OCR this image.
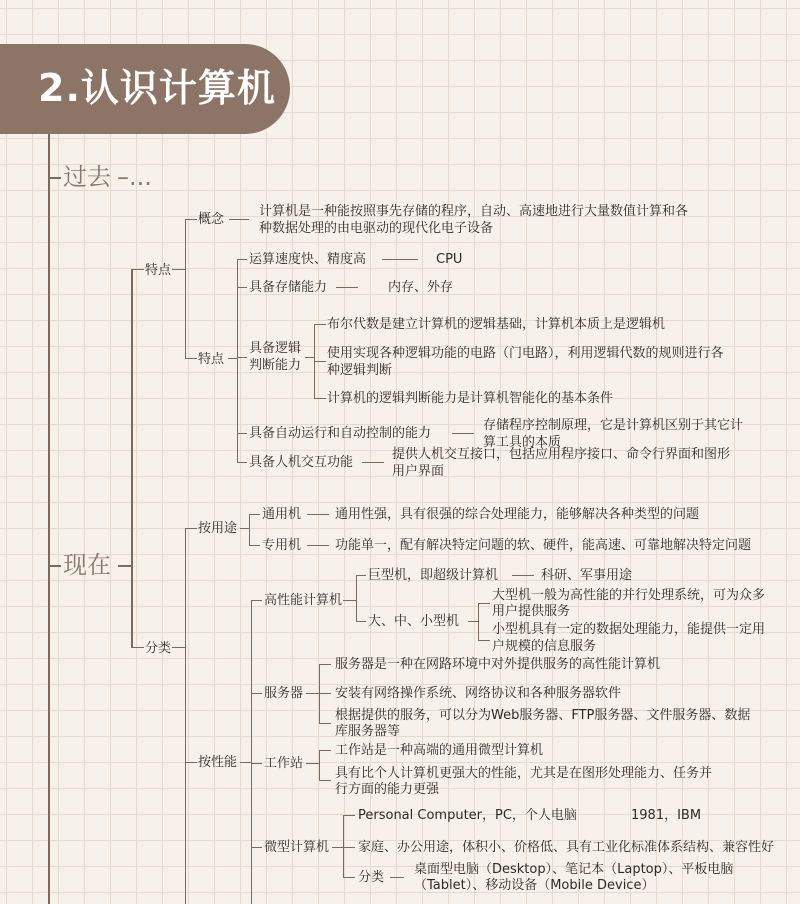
2.认识计算机
过去 –...
现在
特点
分类
概念
计算机是一种能按照事先存储的程序，自动、高速地进行大量数值计算和各
种数据处理的由电驱动的现代化电子设备
特点
运算速度快、精度高	CPU
具备存储能力	内存、外存
具备逻辑
判断能力
布尔代数是建立计算机的逻辑基础，计算机本质上是逻辑机
使用实现各种逻辑功能的电路（门电路），利用逻辑代数的规则进行各
种逻辑判断
计算机的逻辑判断能力是计算机智能化的基本条件
具备自动运行和自动控制的能力
存储程序控制原理，它是计算机区别于其它计
算工具的本质
具备人机交互功能
提供人机交互接口，包括应用程序接口、命令行界面和图形
用户界面
按用途
通用机	通用性强，具有很强的综合处理能力，能够解决各种类型的问题
专用机	功能单一，配有解决特定问题的软、硬件，能高速、可靠地解决特定问题
按性能
高性能计算机
巨型机，即超级计算机	科研、军事用途
大、中、小型机
大型机一般为高性能的并行处理系统，可为众多
用户提供服务
小型机具有一定的数据处理能力，能提供一定用
户规模的信息服务
服务器
服务器是一种在网路环境中对外提供服务的高性能计算机
安装有网络操作系统、网络协议和各种服务器软件
根据提供的服务，可以分为Web服务器、FTP服务器、文件服务器、数据
库服务器等
工作站
工作站是一种高端的通用微型计算机
具有比个人计算机更强大的性能，尤其是在图形处理能力、任务并
行方面的能力更强
微型计算机
Personal Computer，PC，个人电脑	1981，IBM
家庭、办公用途，体积小、价格低、具有工业化标准体系结构、兼容性好
分类
桌面型电脑（Desktop）、笔记本（Laptop）、平板电脑
（Tablet）、移动设备（Mobile Device）
